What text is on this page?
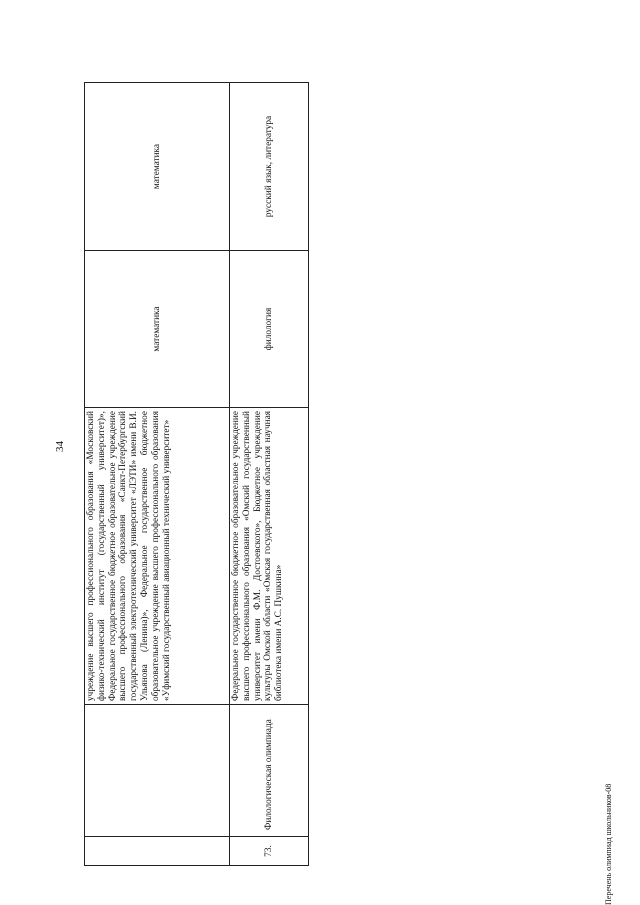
34
		учреждение высшего профессионального образования «Московский физико-технический институт (государственный университет)», Федеральное государственное бюджетное образовательное учреждение высшего профессионального образования «Санкт-Петербургский государственный электротехнический университет «ЛЭТИ» имени В.И. Ульянова (Ленина)», Федеральное государственное бюджетное образовательное учреждение высшего профессионального образования «Уфимский государственный авиационный технический университет»	математика	математика
73.	Филологическая олимпиада	Федеральное государственное бюджетное образовательное учреждение высшего профессионального образования «Омский государственный университет имени Ф.М. Достоевского», Бюджетное учреждение культуры Омской области «Омская государственная областная научная библиотека имени А.С. Пушкина»	филология	русский язык, литература
Перечень олимпиад школьников-08
